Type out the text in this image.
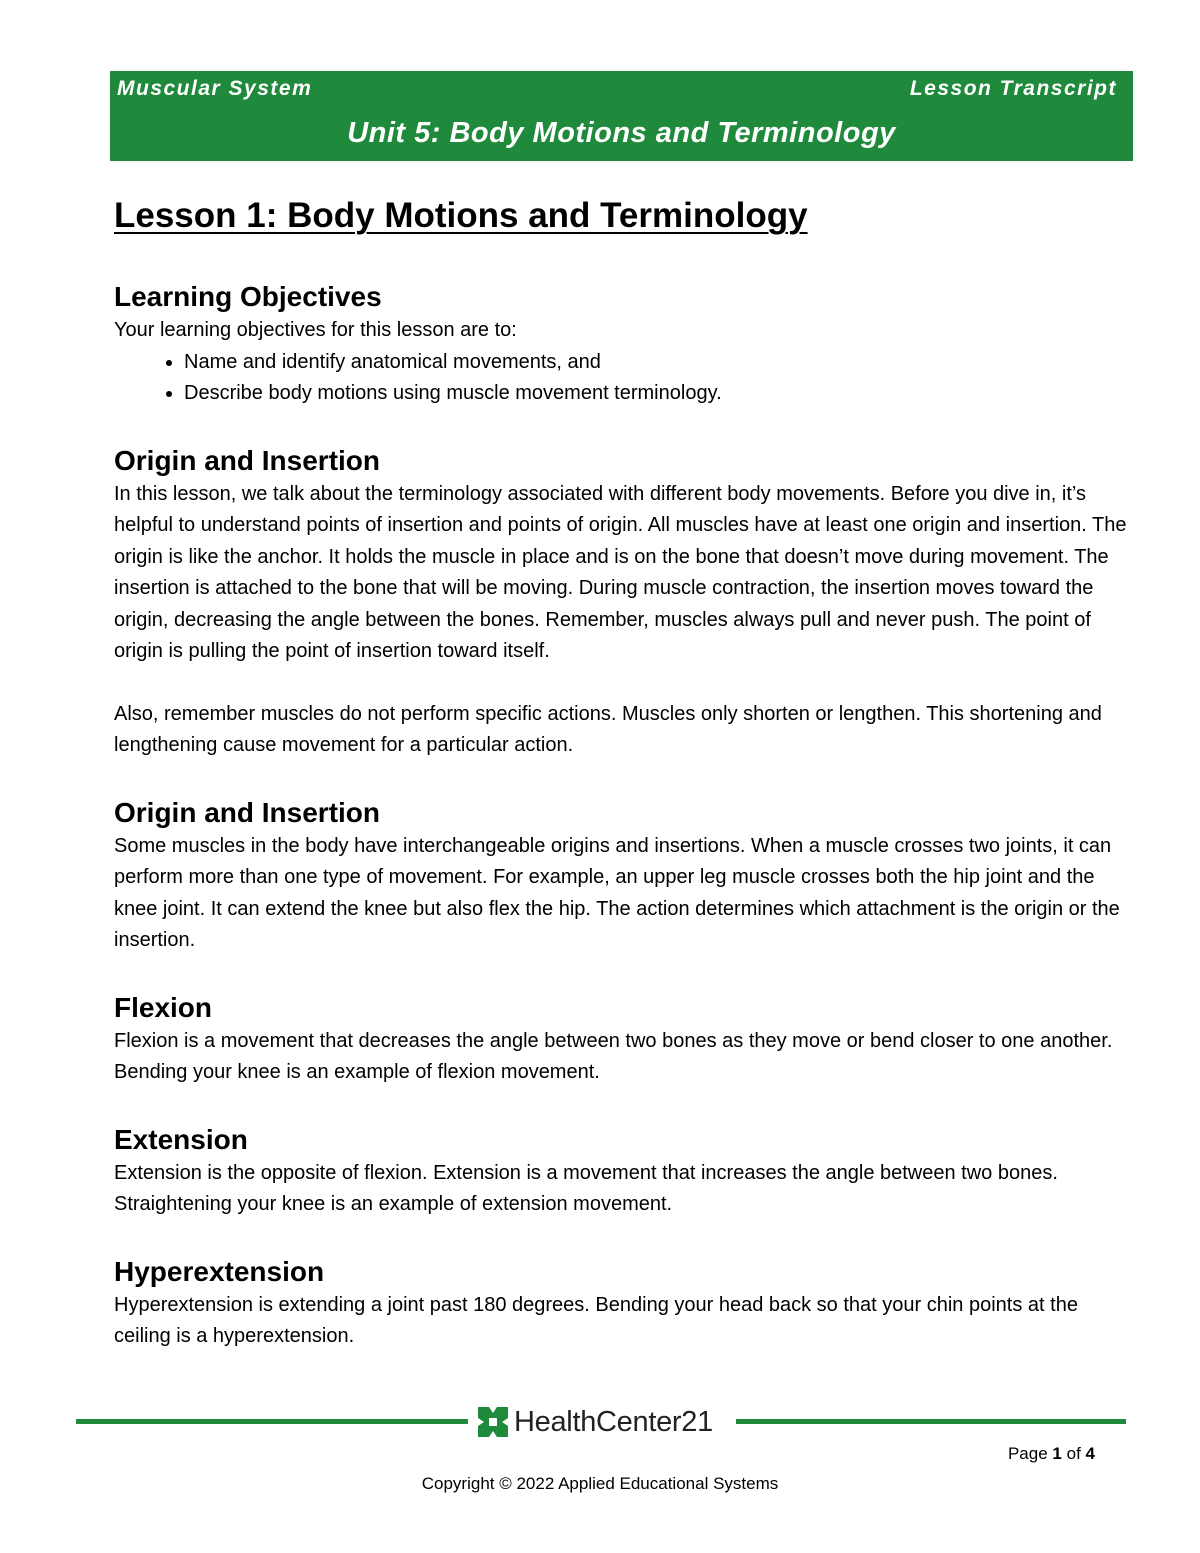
Muscular System	Lesson Transcript
Unit 5: Body Motions and Terminology
Lesson 1: Body Motions and Terminology
Learning Objectives

Your learning objectives for this lesson are to:

• Name and identify anatomical movements, and
• Describe body motions using muscle movement terminology.
Origin and Insertion

In this lesson, we talk about the terminology associated with different body movements. Before you dive in, it’s helpful to understand points of insertion and points of origin. All muscles have at least one origin and insertion. The origin is like the anchor. It holds the muscle in place and is on the bone that doesn’t move during movement. The insertion is attached to the bone that will be moving. During muscle contraction, the insertion moves toward the origin, decreasing the angle between the bones. Remember, muscles always pull and never push. The point of origin is pulling the point of insertion toward itself.

Also, remember muscles do not perform specific actions. Muscles only shorten or lengthen. This shortening and lengthening cause movement for a particular action.

Origin and Insertion

Some muscles in the body have interchangeable origins and insertions. When a muscle crosses two joints, it can perform more than one type of movement. For example, an upper leg muscle crosses both the hip joint and the knee joint. It can extend the knee but also flex the hip. The action determines which attachment is the origin or the insertion.

Flexion

Flexion is a movement that decreases the angle between two bones as they move or bend closer to one another. Bending your knee is an example of flexion movement.

Extension

Extension is the opposite of flexion. Extension is a movement that increases the angle between two bones. Straightening your knee is an example of extension movement.

Hyperextension

Hyperextension is extending a joint past 180 degrees. Bending your head back so that your chin points at the ceiling is a hyperextension.

HealthCenter21
Page 1 of 4
Copyright © 2022 Applied Educational Systems
